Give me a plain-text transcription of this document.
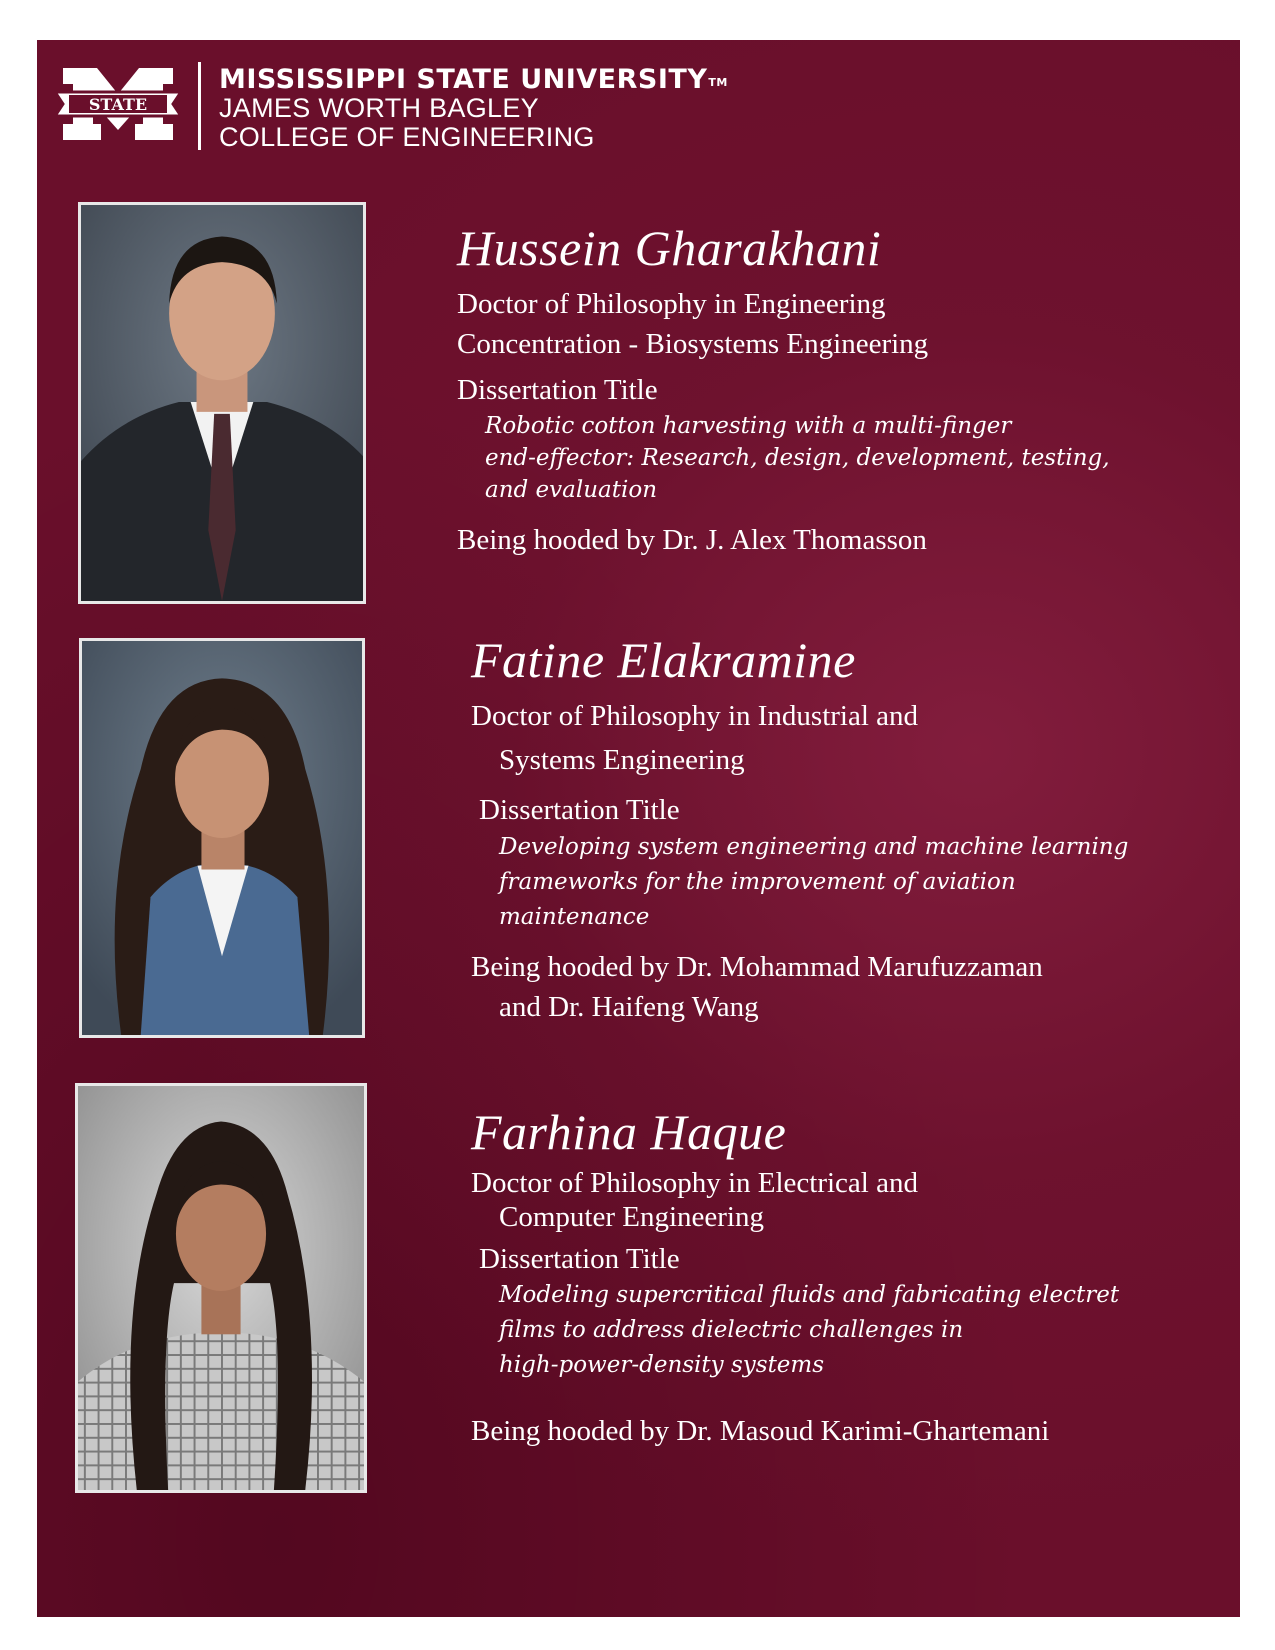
STATE
MISSISSIPPI STATE UNIVERSITYTM
JAMES WORTH BAGLEY
COLLEGE OF ENGINEERING
Hussein Gharakhani
Doctor of Philosophy in Engineering
Concentration - Biosystems Engineering
Dissertation Title
Robotic cotton harvesting with a multi-finger
end-effector: Research, design, development, testing,
and evaluation
Being hooded by Dr. J. Alex Thomasson
Fatine Elakramine
Doctor of Philosophy in Industrial and
Systems Engineering
Dissertation Title
Developing system engineering and machine learning
frameworks for the improvement of aviation
maintenance
Being hooded by Dr. Mohammad Marufuzzaman
and Dr. Haifeng Wang
Farhina Haque
Doctor of Philosophy in Electrical and
Computer Engineering
Dissertation Title
Modeling supercritical fluids and fabricating electret
films to address dielectric challenges in
high-power-density systems
Being hooded by Dr. Masoud Karimi-Ghartemani
